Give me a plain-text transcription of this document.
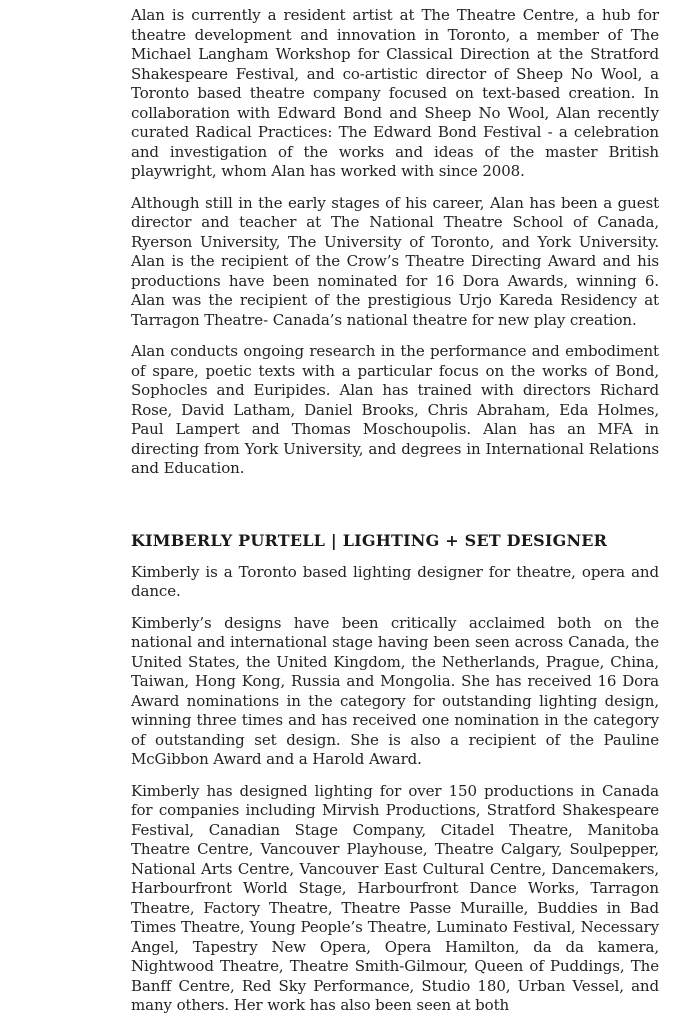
Alan is currently a resident artist at The Theatre Centre, a hub for theatre development and innovation in Toronto, a member of The Michael Langham Workshop for Classical Direction at the Stratford Shakespeare Festival, and co-artistic director of Sheep No Wool, a Toronto based theatre company focused on text-based creation. In collaboration with Edward Bond and Sheep No Wool, Alan recently curated Radical Practices: The Edward Bond Festival - a celebration and investigation of the works and ideas of the master British playwright, whom Alan has worked with since 2008.

Although still in the early stages of his career, Alan has been a guest director and teacher at The National Theatre School of Canada, Ryerson University, The University of Toronto, and York University. Alan is the recipient of the Crow’s Theatre Directing Award and his productions have been nominated for 16 Dora Awards, winning 6. Alan was the recipient of the prestigious Urjo Kareda Residency at Tarragon Theatre- Canada’s national theatre for new play creation.

Alan conducts ongoing research in the performance and embodiment of spare, poetic texts with a particular focus on the works of Bond, Sophocles and Euripides. Alan has trained with directors Richard Rose, David Latham, Daniel Brooks, Chris Abraham, Eda Holmes, Paul Lampert and Thomas Moschoupolis. Alan has an MFA in directing from York University, and degrees in International Relations and Education.

KIMBERLY PURTELL | LIGHTING + SET DESIGNER

Kimberly is a Toronto based lighting designer for theatre, opera and dance.

Kimberly’s designs have been critically acclaimed both on the national and international stage having been seen across Canada, the United States, the United Kingdom, the Netherlands, Prague, China, Taiwan, Hong Kong, Russia and Mongolia. She has received 16 Dora Award nominations in the category for outstanding lighting design, winning three times and has received one nomination in the category of outstanding set design. She is also a recipient of the Pauline McGibbon Award and a Harold Award.

Kimberly has designed lighting for over 150 productions in Canada for companies including Mirvish Productions, Stratford Shakespeare Festival, Canadian Stage Company, Citadel Theatre, Manitoba Theatre Centre, Vancouver Playhouse, Theatre Calgary, Soulpepper, National Arts Centre, Vancouver East Cultural Centre, Dancemakers, Harbourfront World Stage, Harbourfront Dance Works, Tarragon Theatre, Factory Theatre, Theatre Passe Muraille, Buddies in Bad Times Theatre, Young People’s Theatre, Luminato Festival, Necessary Angel, Tapestry New Opera, Opera Hamilton, da da kamera, Nightwood Theatre, Theatre Smith-Gilmour, Queen of Puddings, The Banff Centre, Red Sky Performance, Studio 180, Urban Vessel, and many others. Her work has also been seen at both
